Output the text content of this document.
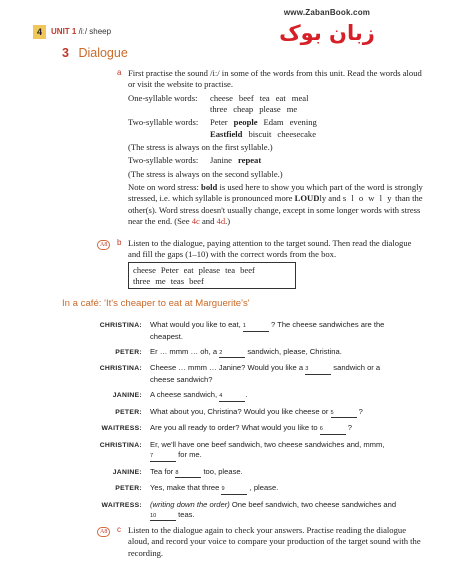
4	UNIT 1 /iː/ sheep
www.ZabanBook.com
زبان بوک
3 Dialogue
a First practise the sound /iː/ in some of the words from this unit. Read the words aloud or visit the website to practise.

One-syllable words:	cheese beef tea eat meal
three cheap please me
Two-syllable words:	Peter people Edam evening
Eastfield biscuit cheesecake

(The stress is always on the first syllable.)

Two-syllable words:	Janine repeat

(The stress is always on the second syllable.)

Note on word stress: bold is used here to show you which part of the word is strongly stressed, i.e. which syllable is pronounced more LOUDly and s l o w l y than the other(s). Word stress doesn't usually change, except in some longer words with stress near the end. (See 4c and 4d.)

A8	b Listen to the dialogue, paying attention to the target sound. Then read the dialogue and fill the gaps (1–10) with the correct words from the box.

cheese Peter eat please tea beef
three me teas beef
In a café: 'It's cheaper to eat at Marguerite's'
CHRISTINA:	What would you like to eat, 1	? The cheese sandwiches are the cheapest.
PETER:	Er … mmm … oh, a 2	sandwich, please, Christina.
CHRISTINA:	Cheese … mmm … Janine? Would you like a 3	sandwich or a cheese sandwich?
JANINE:	A cheese sandwich, 4	.
PETER:	What about you, Christina? Would you like cheese or 5	?
WAITRESS:	Are you all ready to order? What would you like to 6	?
CHRISTINA:	Er, we'll have one beef sandwich, two cheese sandwiches and, mmm, 7	for me.
JANINE:	Tea for 8	too, please.
PETER:	Yes, make that three 9	, please.
WAITRESS:	(writing down the order) One beef sandwich, two cheese sandwiches and 10	teas.
A8	c Listen to the dialogue again to check your answers. Practise reading the dialogue aloud, and record your voice to compare your production of the target sound with the recording.
